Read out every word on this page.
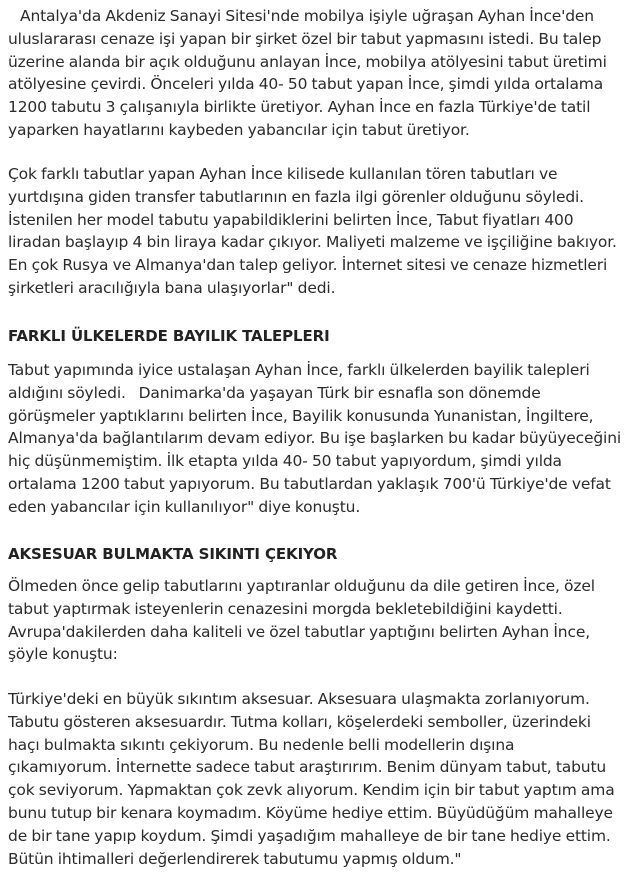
Antalya'da Akdeniz Sanayi Sitesi'nde mobilya işiyle uğraşan Ayhan İnce'den
uluslararası cenaze işi yapan bir şirket özel bir tabut yapmasını istedi. Bu talep
üzerine alanda bir açık olduğunu anlayan İnce, mobilya atölyesini tabut üretimi
atölyesine çevirdi. Önceleri yılda 40- 50 tabut yapan İnce, şimdi yılda ortalama
1200 tabutu 3 çalışanıyla birlikte üretiyor. Ayhan İnce en fazla Türkiye'de tatil
yaparken hayatlarını kaybeden yabancılar için tabut üretiyor.

Çok farklı tabutlar yapan Ayhan İnce kilisede kullanılan tören tabutları ve
yurtdışına giden transfer tabutlarının en fazla ilgi görenler olduğunu söyledi.
İstenilen her model tabutu yapabildiklerini belirten İnce, Tabut fiyatları 400
liradan başlayıp 4 bin liraya kadar çıkıyor. Maliyeti malzeme ve işçiliğine bakıyor.
En çok Rusya ve Almanya'dan talep geliyor. İnternet sitesi ve cenaze hizmetleri
şirketleri aracılığıyla bana ulaşıyorlar" dedi.

FARKLI ÜLKELERDE BAYILIK TALEPLERI

Tabut yapımında iyice ustalaşan Ayhan İnce, farklı ülkelerden bayilik talepleri
aldığını söyledi.   Danimarka'da yaşayan Türk bir esnafla son dönemde
görüşmeler yaptıklarını belirten İnce, Bayilik konusunda Yunanistan, İngiltere,
Almanya'da bağlantılarım devam ediyor. Bu işe başlarken bu kadar büyüyeceğini
hiç düşünmemiştim. İlk etapta yılda 40- 50 tabut yapıyordum, şimdi yılda
ortalama 1200 tabut yapıyorum. Bu tabutlardan yaklaşık 700'ü Türkiye'de vefat
eden yabancılar için kullanılıyor" diye konuştu.

AKSESUAR BULMAKTA SIKINTI ÇEKIYOR

Ölmeden önce gelip tabutlarını yaptıranlar olduğunu da dile getiren İnce, özel
tabut yaptırmak isteyenlerin cenazesini morgda bekletebildiğini kaydetti.
Avrupa'dakilerden daha kaliteli ve özel tabutlar yaptığını belirten Ayhan İnce,
şöyle konuştu:

Türkiye'deki en büyük sıkıntım aksesuar. Aksesuara ulaşmakta zorlanıyorum.
Tabutu gösteren aksesuardır. Tutma kolları, köşelerdeki semboller, üzerindeki
haçı bulmakta sıkıntı çekiyorum. Bu nedenle belli modellerin dışına
çıkamıyorum. İnternette sadece tabut araştırırım. Benim dünyam tabut, tabutu
çok seviyorum. Yapmaktan çok zevk alıyorum. Kendim için bir tabut yaptım ama
bunu tutup bir kenara koymadım. Köyüme hediye ettim. Büyüdüğüm mahalleye
de bir tane yapıp koydum. Şimdi yaşadığım mahalleye de bir tane hediye ettim.
Bütün ihtimalleri değerlendirerek tabutumu yapmış oldum."
